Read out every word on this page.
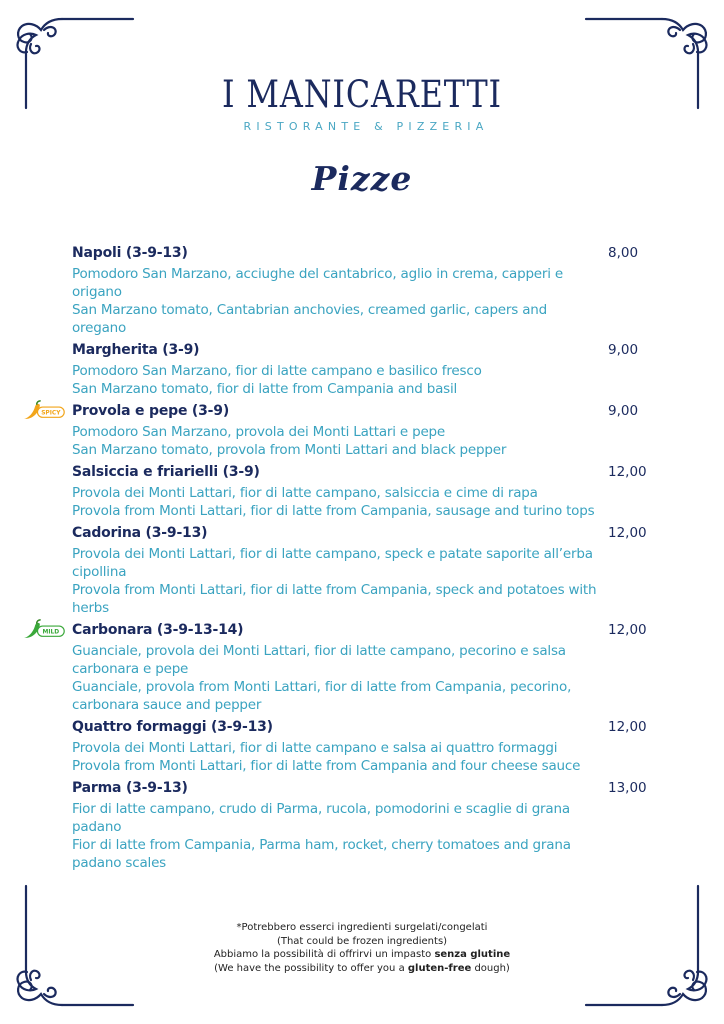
I MANICARETTI
RISTORANTE & PIZZERIA
Pizze
Napoli (3-9-13)	8,00
Pomodoro San Marzano, acciughe del cantabrico, aglio in crema, capperi e
origano
San Marzano tomato, Cantabrian anchovies, creamed garlic, capers and
oregano
Margherita (3-9)	9,00
Pomodoro San Marzano, fior di latte campano e basilico fresco
San Marzano tomato, fior di latte from Campania and basil
SPICY Provola e pepe (3-9)	9,00
Pomodoro San Marzano, provola dei Monti Lattari e pepe
San Marzano tomato, provola from Monti Lattari and black pepper
Salsiccia e friarielli (3-9)	12,00
Provola dei Monti Lattari, fior di latte campano, salsiccia e cime di rapa
Provola from Monti Lattari, fior di latte from Campania, sausage and turino tops
Cadorina (3-9-13)	12,00
Provola dei Monti Lattari, fior di latte campano, speck e patate saporite all’erba
cipollina
Provola from Monti Lattari, fior di latte from Campania, speck and potatoes with
herbs
MILD Carbonara (3-9-13-14)	12,00
Guanciale, provola dei Monti Lattari, fior di latte campano, pecorino e salsa
carbonara e pepe
Guanciale, provola from Monti Lattari, fior di latte from Campania, pecorino,
carbonara sauce and pepper
Quattro formaggi (3-9-13)	12,00
Provola dei Monti Lattari, fior di latte campano e salsa ai quattro formaggi
Provola from Monti Lattari, fior di latte from Campania and four cheese sauce
Parma (3-9-13)	13,00
Fior di latte campano, crudo di Parma, rucola, pomodorini e scaglie di grana
padano
Fior di latte from Campania, Parma ham, rocket, cherry tomatoes and grana
padano scales
*Potrebbero esserci ingredienti surgelati/congelati
(That could be frozen ingredients)
Abbiamo la possibilità di offrirvi un impasto senza glutine
(We have the possibility to offer you a gluten-free dough)
